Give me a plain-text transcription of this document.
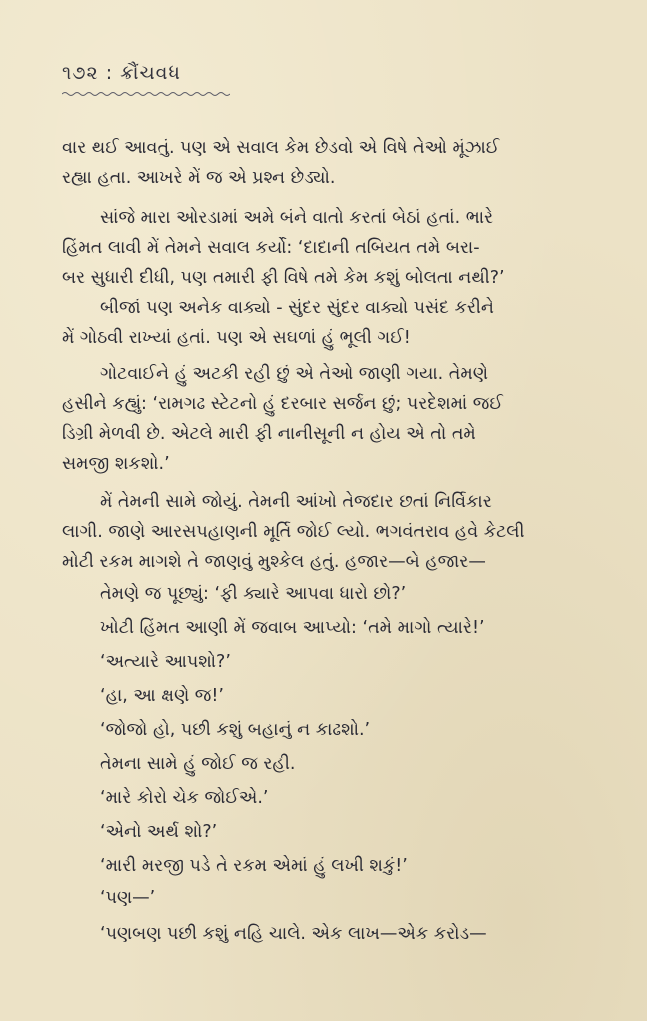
૧૭૨ : ક્રૌંચવધ
વાર થઈ આવતું. પણ એ સવાલ કેમ છેડવો એ વિષે તેઓ મૂંઝાઈ
રહ્યા હતા. આખરે મેં જ એ પ્રશ્ન છેડ્યો.
સાંજે મારા ઓરડામાં અમે બંને વાતો કરતાં બેઠાં હતાં. ભારે
હિંમત લાવી મેં તેમને સવાલ કર્યો: ‘દાદાની તબિયત તમે બરા-
બર સુધારી દીધી, પણ તમારી ફી વિષે તમે કેમ કશું બોલતા નથી?’
બીજાં પણ અનેક વાક્યો - સુંદર સુંદર વાક્યો પસંદ કરીને
મેં ગોઠવી રાખ્યાં હતાં. પણ એ સઘળાં હું ભૂલી ગઈ!
ગોટવાઈને હું અટકી રહી છું એ તેઓ જાણી ગયા. તેમણે
હસીને કહ્યું: ‘રામગઢ સ્ટેટનો હું દરબાર સર્જન છું; પરદેશમાં જઈ
ડિગ્રી મેળવી છે. એટલે મારી ફી નાનીસૂની ન હોય એ તો તમે
સમજી શકશો.’
મેં તેમની સામે જોયું. તેમની આંખો તેજદાર છતાં નિર્વિકાર
લાગી. જાણે આરસપહાણની મૂર્તિ જોઈ લ્યો. ભગવંતરાવ હવે કેટલી
મોટી રકમ માગશે તે જાણવું મુશ્કેલ હતું. હજાર—બે હજાર—
તેમણે જ પૂછ્યું: ‘ફી ક્યારે આપવા ધારો છો?’
ખોટી હિંમત આણી મેં જવાબ આપ્યો: ‘તમે માગો ત્યારે!’
‘અત્યારે આપશો?’
‘હા, આ ક્ષણે જ!’
‘જોજો હો, પછી કશું બહાનું ન કાઢશો.’
તેમના સામે હું જોઈ જ રહી.
‘મારે કોરો ચેક જોઈએ.’
‘એનો અર્થ શો?’
‘મારી મરજી પડે તે રકમ એમાં હું લખી શકું!’
‘પણ—’
‘પણબણ પછી કશું નહિ ચાલે. એક લાખ—એક કરોડ—
